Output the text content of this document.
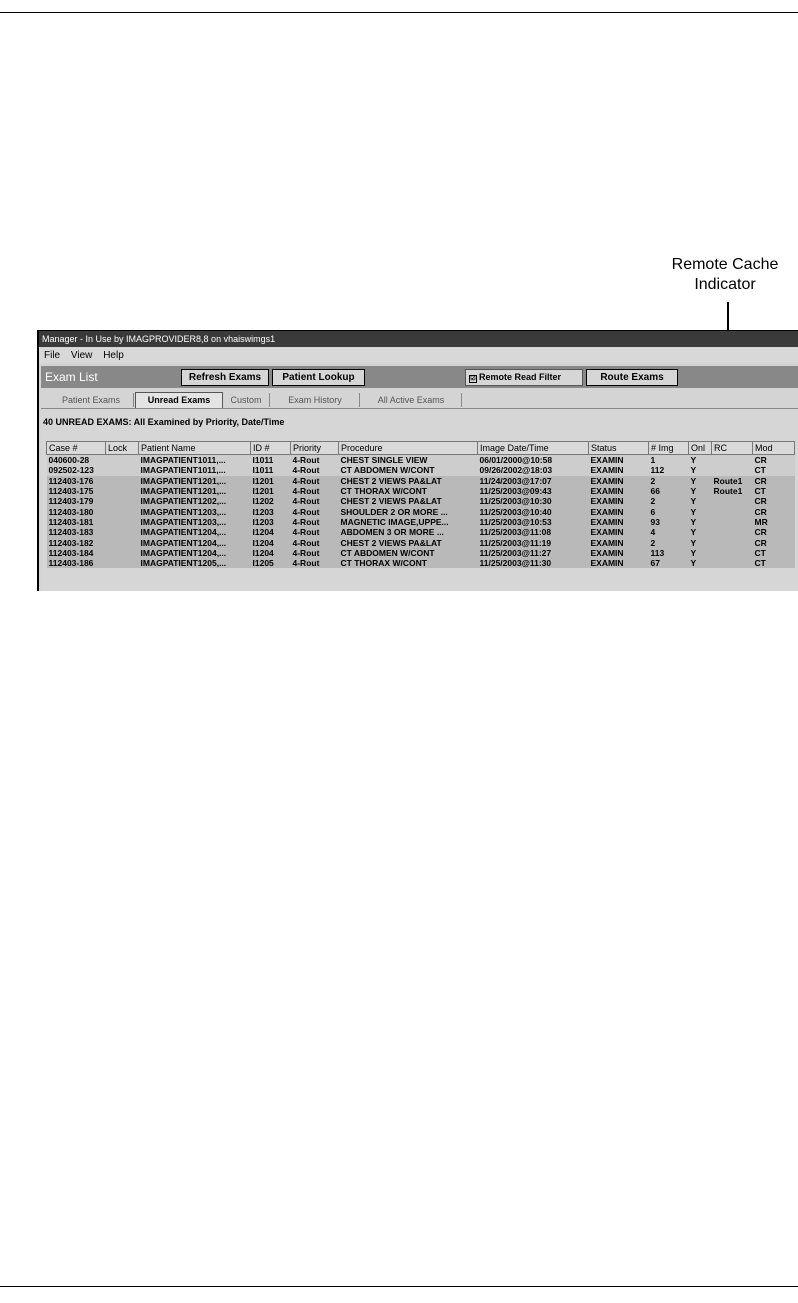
Remote Cache
Indicator
Manager - In Use by IMAGPROVIDER8,8 on vhaiswimgs1
File View Help
Exam List	Refresh Exams	Patient Lookup	☑ Remote Read Filter	Route Exams
Patient Exams	Unread Exams	Custom	Exam History	All Active Exams
40 UNREAD EXAMS: All Examined by Priority, Date/Time
Case #	Lock	Patient Name	ID #	Priority	Procedure	Image Date/Time	Status	# Img	Onl	RC	Mod
040600-28		IMAGPATIENT1011,...	I1011	4-Rout	CHEST SINGLE VIEW	06/01/2000@10:58	EXAMIN	1	Y		CR
092502-123		IMAGPATIENT1011,...	I1011	4-Rout	CT ABDOMEN W/CONT	09/26/2002@18:03	EXAMIN	112	Y		CT
112403-176		IMAGPATIENT1201,...	I1201	4-Rout	CHEST 2 VIEWS PA&LAT	11/24/2003@17:07	EXAMIN	2	Y	Route1	CR
112403-175		IMAGPATIENT1201,...	I1201	4-Rout	CT THORAX W/CONT	11/25/2003@09:43	EXAMIN	66	Y	Route1	CT
112403-179		IMAGPATIENT1202,...	I1202	4-Rout	CHEST 2 VIEWS PA&LAT	11/25/2003@10:30	EXAMIN	2	Y		CR
112403-180		IMAGPATIENT1203,...	I1203	4-Rout	SHOULDER 2 OR MORE ...	11/25/2003@10:40	EXAMIN	6	Y		CR
112403-181		IMAGPATIENT1203,...	I1203	4-Rout	MAGNETIC IMAGE,UPPE...	11/25/2003@10:53	EXAMIN	93	Y		MR
112403-183		IMAGPATIENT1204,...	I1204	4-Rout	ABDOMEN 3 OR MORE ...	11/25/2003@11:08	EXAMIN	4	Y		CR
112403-182		IMAGPATIENT1204,...	I1204	4-Rout	CHEST 2 VIEWS PA&LAT	11/25/2003@11:19	EXAMIN	2	Y		CR
112403-184		IMAGPATIENT1204,...	I1204	4-Rout	CT ABDOMEN W/CONT	11/25/2003@11:27	EXAMIN	113	Y		CT
112403-186		IMAGPATIENT1205,...	I1205	4-Rout	CT THORAX W/CONT	11/25/2003@11:30	EXAMIN	67	Y		CT
